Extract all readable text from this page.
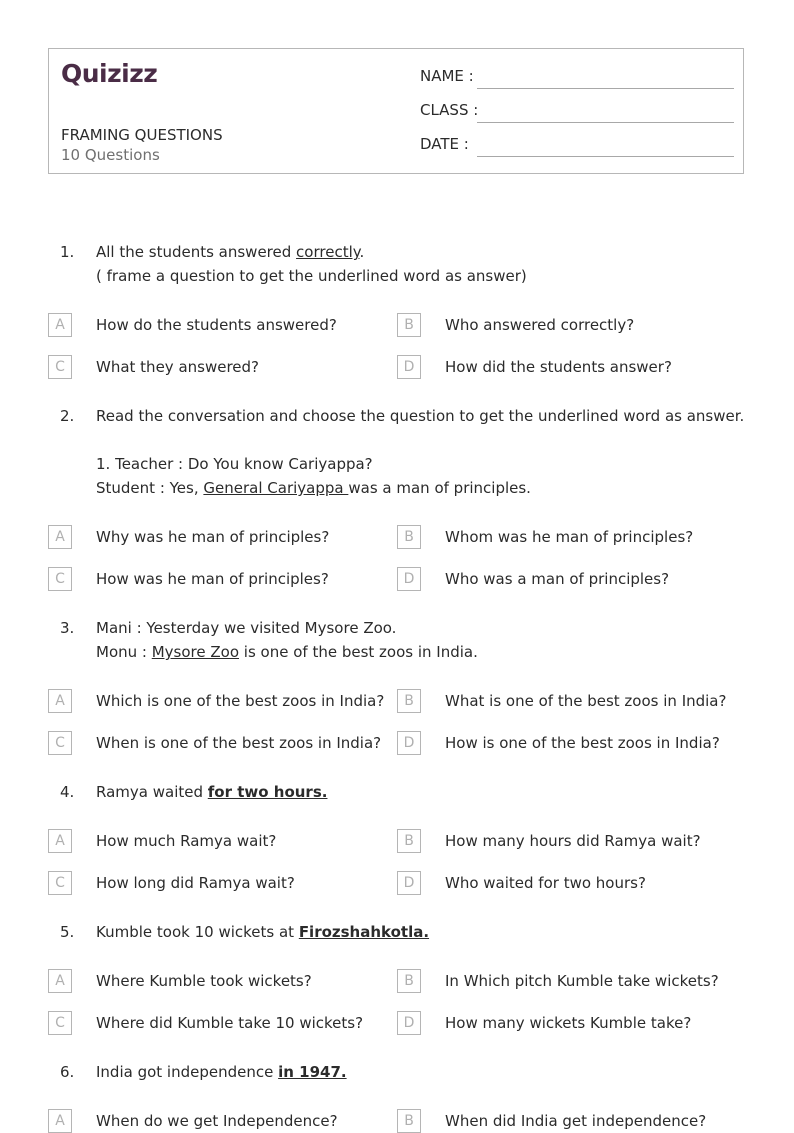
Quizizz
FRAMING QUESTIONS
10 Questions
NAME :
CLASS :
DATE :
1. All the students answered correctly.
( frame a question to get the underlined word as answer)
A	How do the students answered?	B	Who answered correctly?
C	What they answered?	D	How did the students answer?
2. Read the conversation and choose the question to get the underlined word as answer.
1. Teacher : Do You know Cariyappa?
Student : Yes, General Cariyappa was a man of principles.
A	Why was he man of principles?	B	Whom was he man of principles?
C	How was he man of principles?	D	Who was a man of principles?
3. Mani : Yesterday we visited Mysore Zoo.
Monu : Mysore Zoo is one of the best zoos in India.
A	Which is one of the best zoos in India?	B	What is one of the best zoos in India?
C	When is one of the best zoos in India?	D	How is one of the best zoos in India?
4. Ramya waited for two hours.
A	How much Ramya wait?	B	How many hours did Ramya wait?
C	How long did Ramya wait?	D	Who waited for two hours?
5. Kumble took 10 wickets at Firozshahkotla.
A	Where Kumble took wickets?	B	In Which pitch Kumble take wickets?
C	Where did Kumble take 10 wickets?	D	How many wickets Kumble take?
6. India got independence in 1947.
A	When do we get Independence?	B	When did India get independence?
